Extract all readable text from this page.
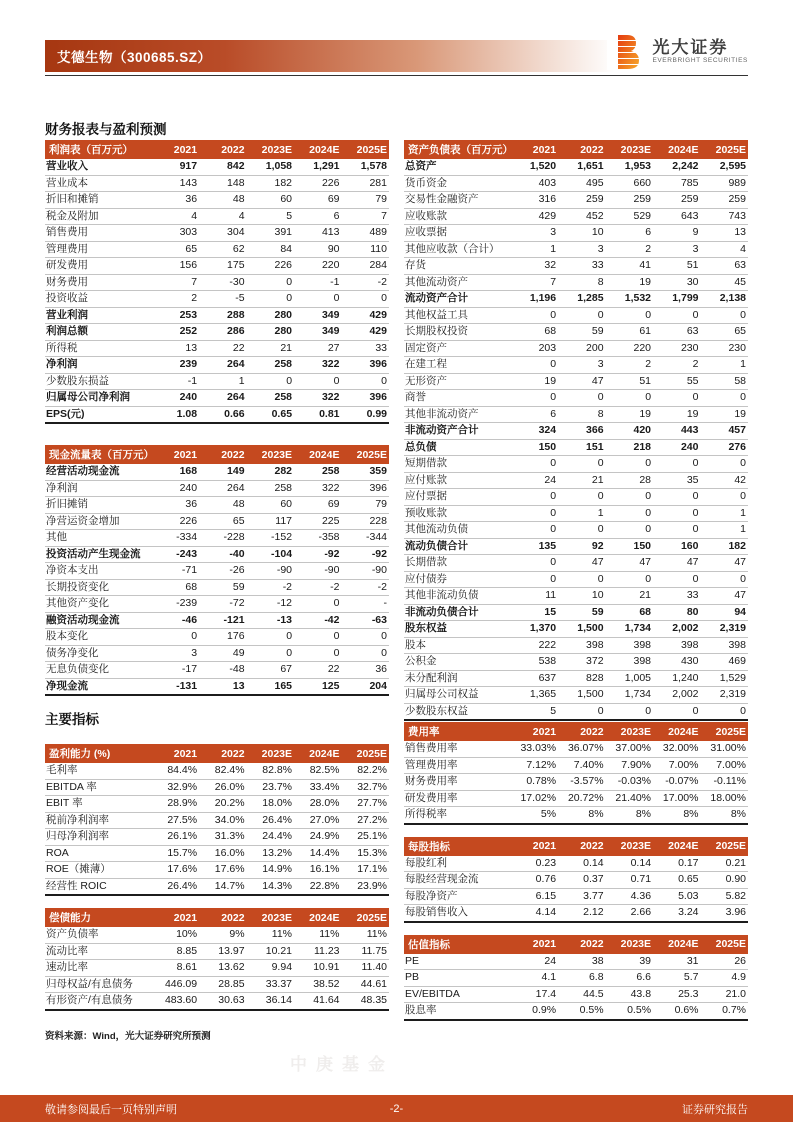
艾德生物（300685.SZ）
光大证券
EVERBRIGHT SECURITIES
财务报表与盈利预测
利润表（百万元）	2021	2022	2023E	2024E	2025E
营业收入	917	842	1,058	1,291	1,578
营业成本	143	148	182	226	281
折旧和摊销	36	48	60	69	79
税金及附加	4	4	5	6	7
销售费用	303	304	391	413	489
管理费用	65	62	84	90	110
研发费用	156	175	226	220	284
财务费用	7	-30	0	-1	-2
投资收益	2	-5	0	0	0
营业利润	253	288	280	349	429
利润总额	252	286	280	349	429
所得税	13	22	21	27	33
净利润	239	264	258	322	396
少数股东损益	-1	1	0	0	0
归属母公司净利润	240	264	258	322	396
EPS(元)	1.08	0.66	0.65	0.81	0.99
现金流量表（百万元）	2021	2022	2023E	2024E	2025E
经营活动现金流	168	149	282	258	359
净利润	240	264	258	322	396
折旧摊销	36	48	60	69	79
净营运资金增加	226	65	117	225	228
其他	-334	-228	-152	-358	-344
投资活动产生现金流	-243	-40	-104	-92	-92
净资本支出	-71	-26	-90	-90	-90
长期投资变化	68	59	-2	-2	-2
其他资产变化	-239	-72	-12	0	-
融资活动现金流	-46	-121	-13	-42	-63
股本变化	0	176	0	0	0
债务净变化	3	49	0	0	0
无息负债变化	-17	-48	67	22	36
净现金流	-131	13	165	125	204
资产负债表（百万元）	2021	2022	2023E	2024E	2025E
总资产	1,520	1,651	1,953	2,242	2,595
货币资金	403	495	660	785	989
交易性金融资产	316	259	259	259	259
应收账款	429	452	529	643	743
应收票据	3	10	6	9	13
其他应收款（合计）	1	3	2	3	4
存货	32	33	41	51	63
其他流动资产	7	8	19	30	45
流动资产合计	1,196	1,285	1,532	1,799	2,138
其他权益工具	0	0	0	0	0
长期股权投资	68	59	61	63	65
固定资产	203	200	220	230	230
在建工程	0	3	2	2	1
无形资产	19	47	51	55	58
商誉	0	0	0	0	0
其他非流动资产	6	8	19	19	19
非流动资产合计	324	366	420	443	457
总负债	150	151	218	240	276
短期借款	0	0	0	0	0
应付账款	24	21	28	35	42
应付票据	0	0	0	0	0
预收账款	0	1	0	0	1
其他流动负债	0	0	0	0	1
流动负债合计	135	92	150	160	182
长期借款	0	47	47	47	47
应付债券	0	0	0	0	0
其他非流动负债	11	10	21	33	47
非流动负债合计	15	59	68	80	94
股东权益	1,370	1,500	1,734	2,002	2,319
股本	222	398	398	398	398
公积金	538	372	398	430	469
未分配利润	637	828	1,005	1,240	1,529
归属母公司权益	1,365	1,500	1,734	2,002	2,319
少数股东权益	5	0	0	0	0
主要指标
盈利能力 (%)	2021	2022	2023E	2024E	2025E
毛利率	84.4%	82.4%	82.8%	82.5%	82.2%
EBITDA 率	32.9%	26.0%	23.7%	33.4%	32.7%
EBIT 率	28.9%	20.2%	18.0%	28.0%	27.7%
税前净利润率	27.5%	34.0%	26.4%	27.0%	27.2%
归母净利润率	26.1%	31.3%	24.4%	24.9%	25.1%
ROA	15.7%	16.0%	13.2%	14.4%	15.3%
ROE（摊薄）	17.6%	17.6%	14.9%	16.1%	17.1%
经营性 ROIC	26.4%	14.7%	14.3%	22.8%	23.9%
偿债能力	2021	2022	2023E	2024E	2025E
资产负债率	10%	9%	11%	11%	11%
流动比率	8.85	13.97	10.21	11.23	11.75
速动比率	8.61	13.62	9.94	10.91	11.40
归母权益/有息债务	446.09	28.85	33.37	38.52	44.61
有形资产/有息债务	483.60	30.63	36.14	41.64	48.35
资料来源：Wind，光大证券研究所预测
费用率	2021	2022	2023E	2024E	2025E
销售费用率	33.03%	36.07%	37.00%	32.00%	31.00%
管理费用率	7.12%	7.40%	7.90%	7.00%	7.00%
财务费用率	0.78%	-3.57%	-0.03%	-0.07%	-0.11%
研发费用率	17.02%	20.72%	21.40%	17.00%	18.00%
所得税率	5%	8%	8%	8%	8%
每股指标	2021	2022	2023E	2024E	2025E
每股红利	0.23	0.14	0.14	0.17	0.21
每股经营现金流	0.76	0.37	0.71	0.65	0.90
每股净资产	6.15	3.77	4.36	5.03	5.82
每股销售收入	4.14	2.12	2.66	3.24	3.96
估值指标	2021	2022	2023E	2024E	2025E
PE	24	38	39	31	26
PB	4.1	6.8	6.6	5.7	4.9
EV/EBITDA	17.4	44.5	43.8	25.3	21.0
股息率	0.9%	0.5%	0.5%	0.6%	0.7%
中庚基金
敬请参阅最后一页特别声明	-2-	证券研究报告
